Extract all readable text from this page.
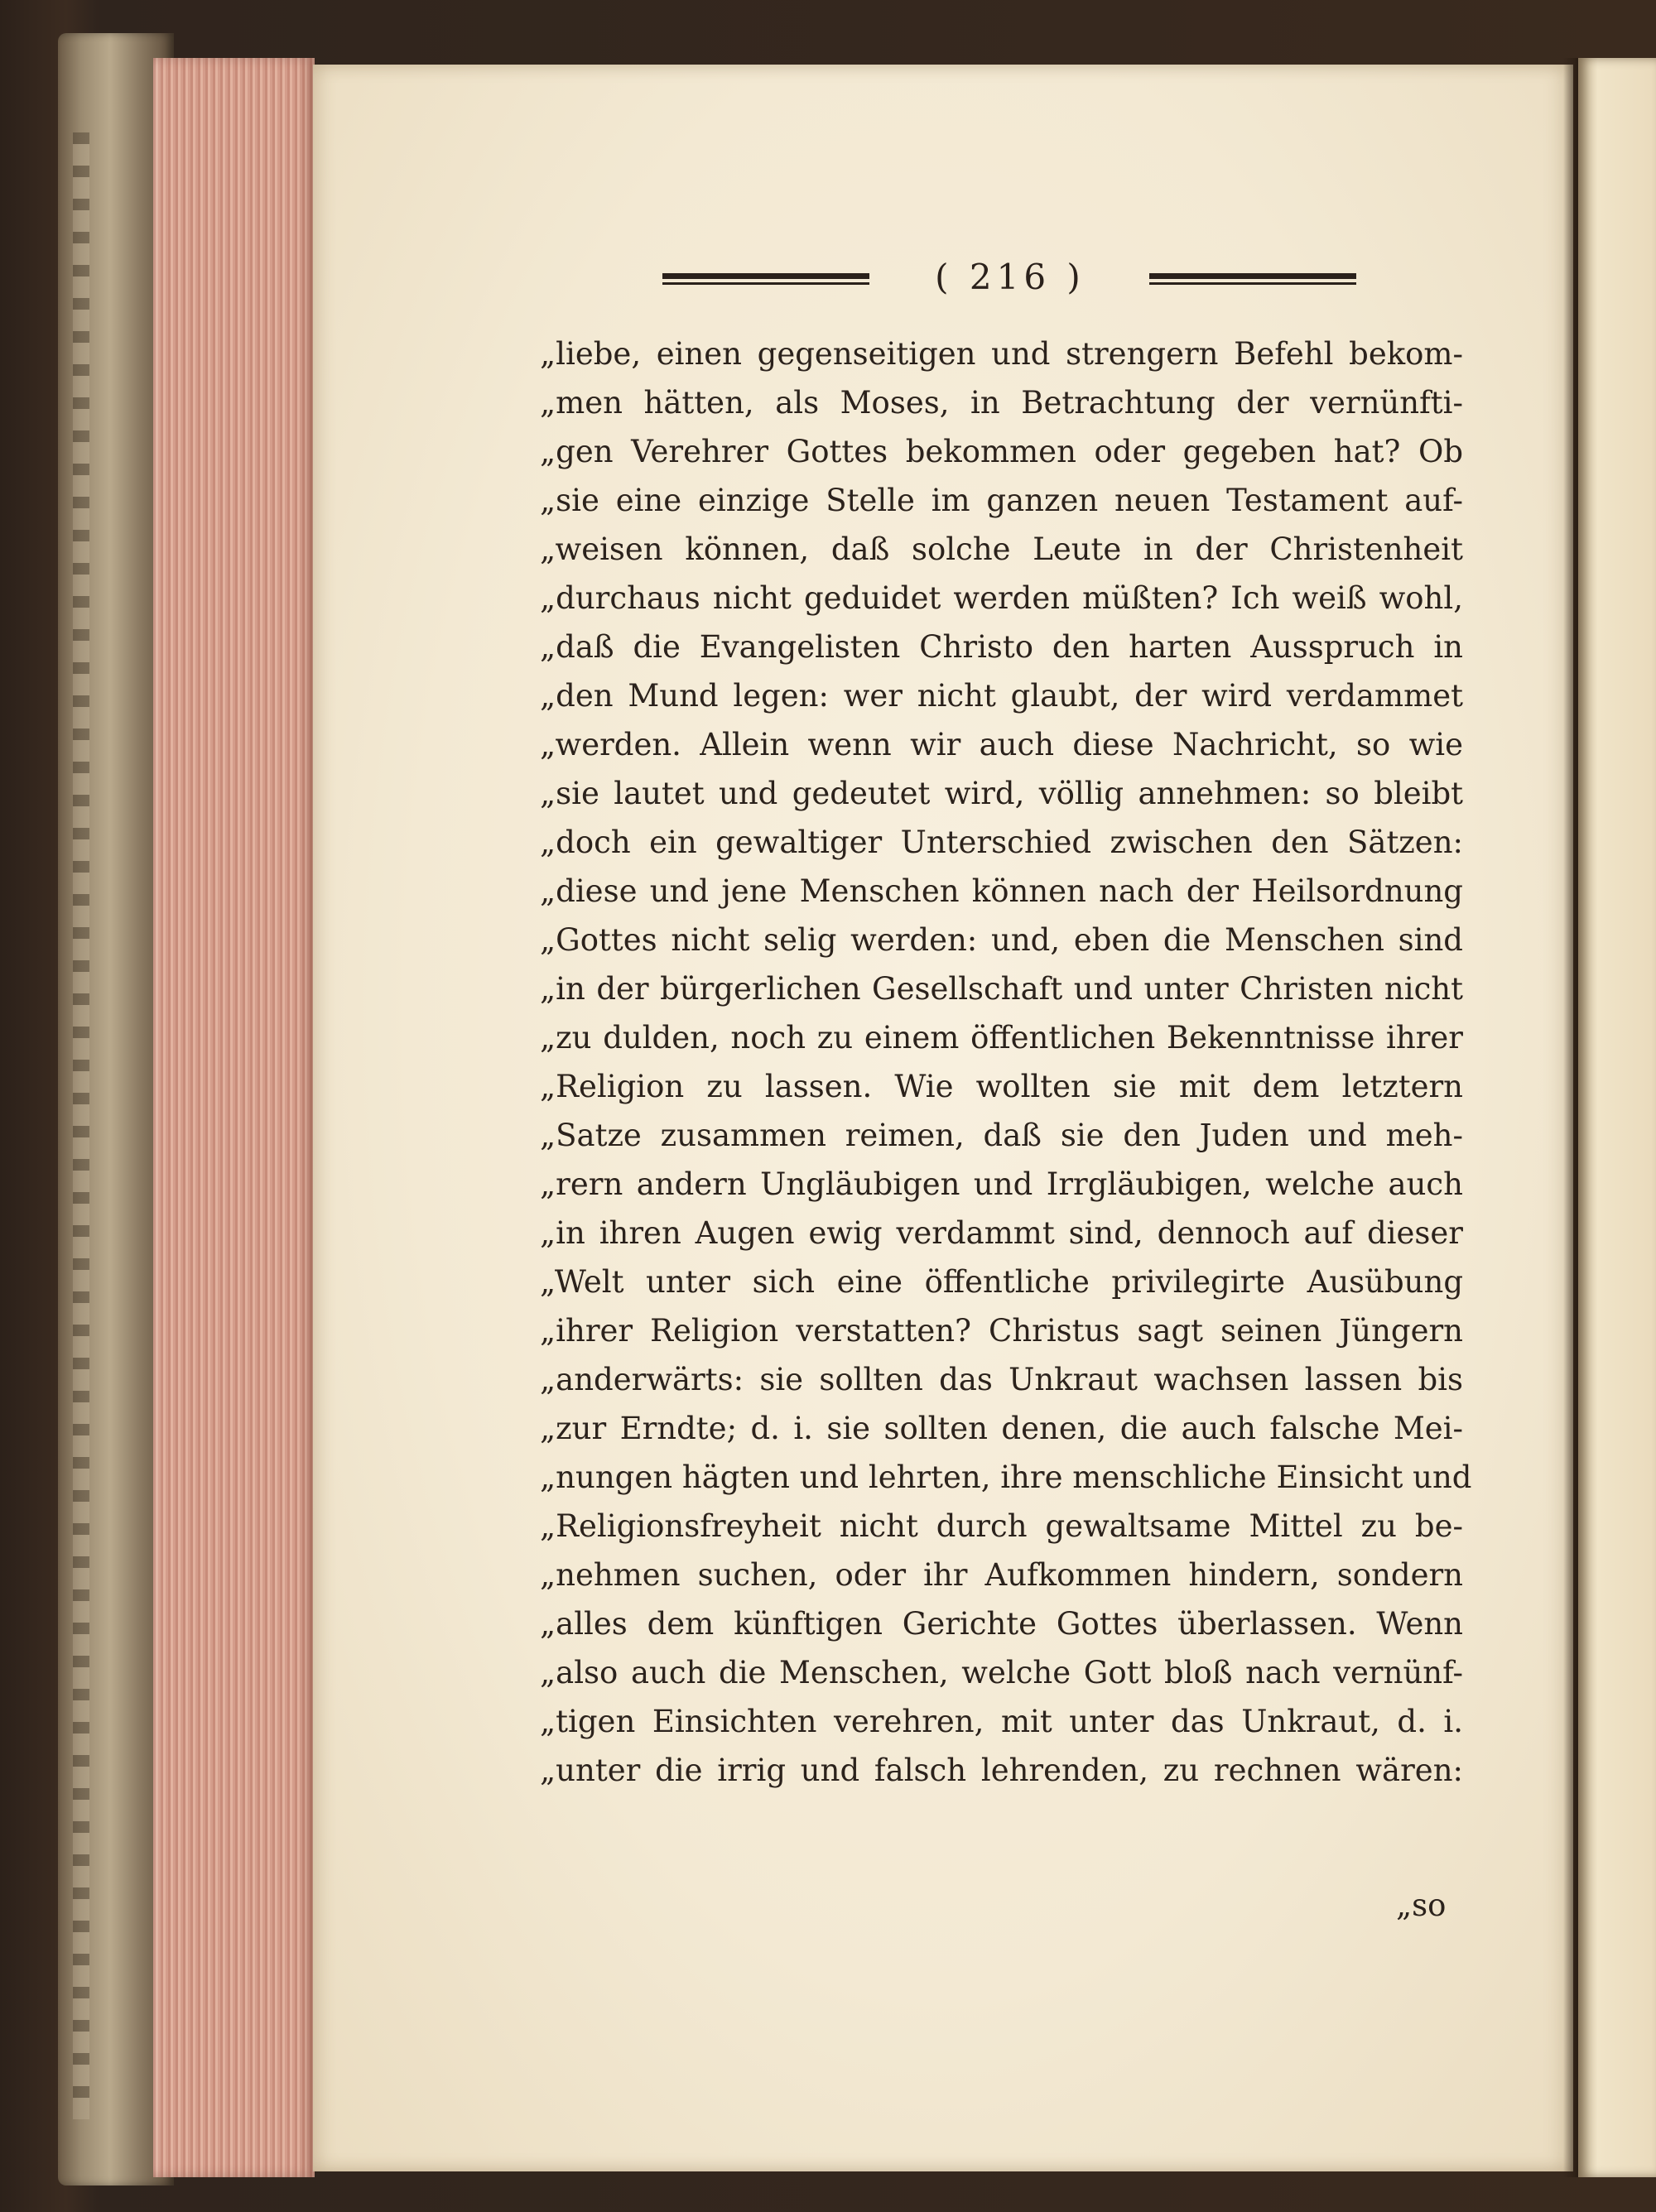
( 216 )
„liebe, einen gegenseitigen und strengern Befehl bekom-
„men hätten, als Moses, in Betrachtung der vernünfti-
„gen Verehrer Gottes bekommen oder gegeben hat? Ob
„sie eine einzige Stelle im ganzen neuen Testament auf-
„weisen können, daß solche Leute in der Christenheit
„durchaus nicht geduidet werden müßten? Ich weiß wohl,
„daß die Evangelisten Christo den harten Ausspruch in
„den Mund legen: wer nicht glaubt, der wird verdammet
„werden. Allein wenn wir auch diese Nachricht, so wie
„sie lautet und gedeutet wird, völlig annehmen: so bleibt
„doch ein gewaltiger Unterschied zwischen den Sätzen:
„diese und jene Menschen können nach der Heilsordnung
„Gottes nicht selig werden: und, eben die Menschen sind
„in der bürgerlichen Gesellschaft und unter Christen nicht
„zu dulden, noch zu einem öffentlichen Bekenntnisse ihrer
„Religion zu lassen. Wie wollten sie mit dem letztern
„Satze zusammen reimen, daß sie den Juden und meh-
„rern andern Ungläubigen und Irrgläubigen, welche auch
„in ihren Augen ewig verdammt sind, dennoch auf dieser
„Welt unter sich eine öffentliche privilegirte Ausübung
„ihrer Religion verstatten? Christus sagt seinen Jüngern
„anderwärts: sie sollten das Unkraut wachsen lassen bis
„zur Erndte; d. i. sie sollten denen, die auch falsche Mei-
„nungen hägten und lehrten, ihre menschliche Einsicht und
„Religionsfreyheit nicht durch gewaltsame Mittel zu be-
„nehmen suchen, oder ihr Aufkommen hindern, sondern
„alles dem künftigen Gerichte Gottes überlassen. Wenn
„also auch die Menschen, welche Gott bloß nach vernünf-
„tigen Einsichten verehren, mit unter das Unkraut, d. i.
„unter die irrig und falsch lehrenden, zu rechnen wären:
„so
